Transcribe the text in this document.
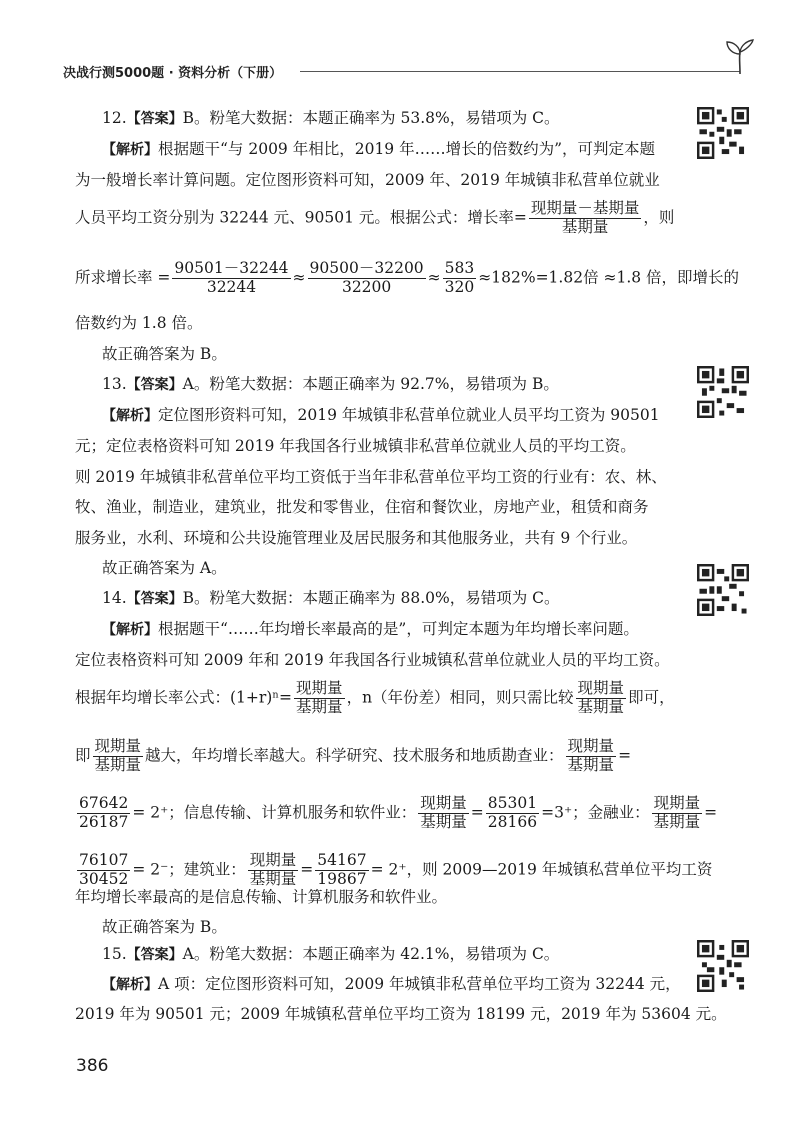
决战行测5000题 · 资料分析（下册）
12.【答案】B。粉笔大数据：本题正确率为 53.8%，易错项为 C。
【解析】根据题干“与 2009 年相比，2019 年……增长的倍数约为”，可判定本题
为一般增长率计算问题。定位图形资料可知，2009 年、2019 年城镇非私营单位就业
人员平均工资分别为 32244 元、90501 元。根据公式：增长率= $\frac{\text{现期量－基期量}}{\text{基期量}}$ ，则
所求增长率 = $\frac{90501-32244}{32244} \approx \frac{90500-32200}{32200} \approx \frac{583}{320} \approx 182\%=1.82$倍 ≈1.8 倍，即增长的
倍数约为 1.8 倍。
故正确答案为 B。
13.【答案】A。粉笔大数据：本题正确率为 92.7%，易错项为 B。
【解析】定位图形资料可知，2019 年城镇非私营单位就业人员平均工资为 90501
元；定位表格资料可知 2019 年我国各行业城镇非私营单位就业人员的平均工资。
则 2019 年城镇非私营单位平均工资低于当年非私营单位平均工资的行业有：农、林、
牧、渔业，制造业，建筑业，批发和零售业，住宿和餐饮业，房地产业，租赁和商务
服务业，水利、环境和公共设施管理业及居民服务和其他服务业，共有 9 个行业。
故正确答案为 A。
14.【答案】B。粉笔大数据：本题正确率为 88.0%，易错项为 C。
【解析】根据题干“……年均增长率最高的是”，可判定本题为年均增长率问题。
定位表格资料可知 2009 年和 2019 年我国各行业城镇私营单位就业人员的平均工资。
根据年均增长率公式：$(1+r)^n= \frac{\text{现期量}}{\text{基期量}}$ ，n（年份差）相同，则只需比较 $\frac{\text{现期量}}{\text{基期量}}$ 即可，
即 $\frac{\text{现期量}}{\text{基期量}}$ 越大，年均增长率越大。科学研究、技术服务和地质勘查业： $\frac{\text{现期量}}{\text{基期量}}$ =
$\frac{67642}{26187} = 2^+$；信息传输、计算机服务和软件业： $\frac{\text{现期量}}{\text{基期量}} = \frac{85301}{28166} =3^+$；金融业： $\frac{\text{现期量}}{\text{基期量}}$ =
$\frac{76107}{30452} = 2^-$；建筑业： $\frac{\text{现期量}}{\text{基期量}} = \frac{54167}{19867} = 2^+$，则 2009—2019 年城镇私营单位平均工资
年均增长率最高的是信息传输、计算机服务和软件业。
故正确答案为 B。
15.【答案】A。粉笔大数据：本题正确率为 42.1%，易错项为 C。
【解析】A 项：定位图形资料可知，2009 年城镇非私营单位平均工资为 32244 元，
2019 年为 90501 元；2009 年城镇私营单位平均工资为 18199 元，2019 年为 53604 元。
386
